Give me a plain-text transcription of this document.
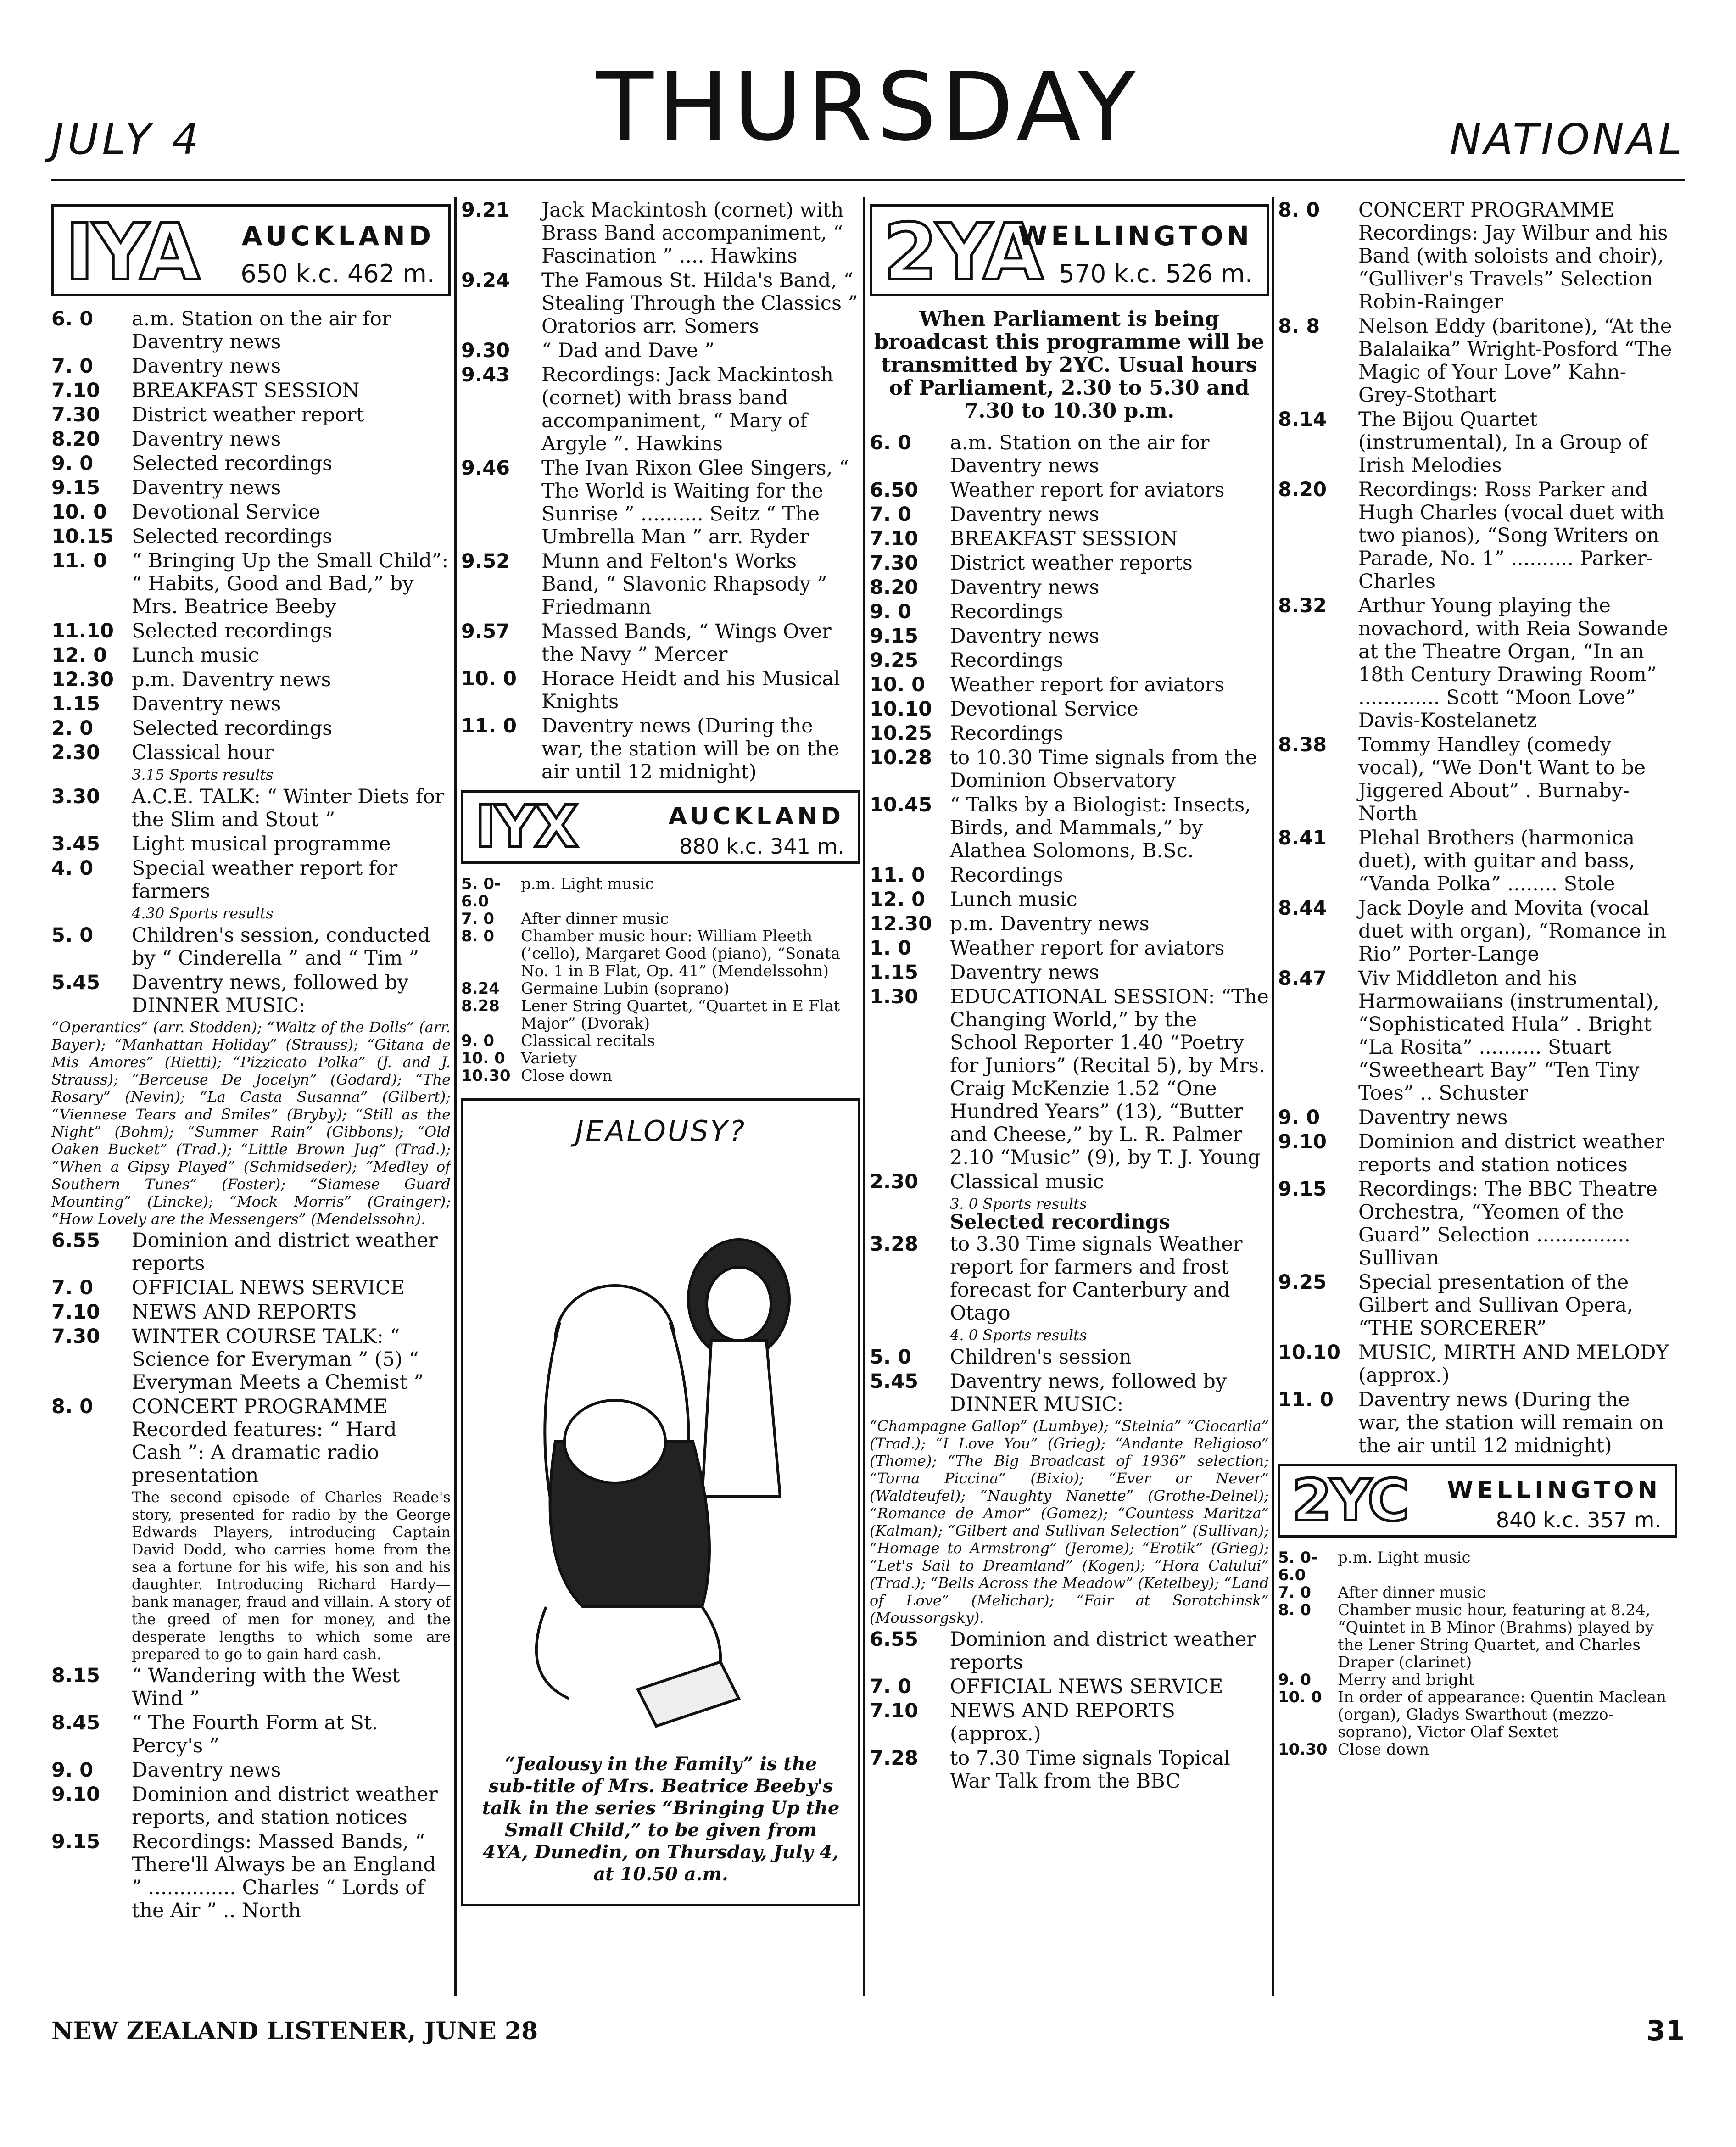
JULY 4	THURSDAY	NATIONAL
IYA AUCKLAND
650 k.c. 462 m.
6. 0	a.m. Station on the air for Daventry news
7. 0	Daventry news
7.10	BREAKFAST SESSION
7.30	District weather report
8.20	Daventry news
9. 0	Selected recordings
9.15	Daventry news
10. 0	Devotional Service
10.15 Selected recordings
11. 0	“ Bringing Up the Small Child”: “ Habits, Good and Bad,” by Mrs. Beatrice Beeby
11.10 Selected recordings
12. 0	Lunch music
12.30 p.m. Daventry news
1.15	Daventry news
2. 0	Selected recordings
2.30	Classical hour
3.15 Sports results
3.30	A.C.E. TALK: “ Winter Diets for the Slim and Stout ”
3.45	Light musical programme
4. 0	Special weather report for farmers
4.30 Sports results
5. 0	Children's session, conducted by “ Cinderella ” and “ Tim ”
5.45	Daventry news, followed by DINNER MUSIC:
“Operantics” (arr. Stodden); “Waltz of the Dolls” (arr. Bayer); “Manhattan Holiday” (Strauss); “Gitana de Mis Amores” (Rietti); “Pizzicato Polka” (J. and J. Strauss); “Berceuse De Jocelyn” (Godard); “The Rosary” (Nevin); “La Casta Susanna” (Gilbert); “Viennese Tears and Smiles” (Bryby); “Still as the Night” (Bohm); “Summer Rain” (Gibbons); “Old Oaken Bucket” (Trad.); “Little Brown Jug” (Trad.); “When a Gipsy Played” (Schmidseder); “Medley of Southern Tunes” (Foster); “Siamese Guard Mounting” (Lincke); “Mock Morris” (Grainger); “How Lovely are the Messengers” (Mendelssohn).
6.55	Dominion and district weather reports
7. 0	OFFICIAL NEWS SERVICE
7.10	NEWS AND REPORTS
7.30	WINTER COURSE TALK: “ Science for Everyman ” (5) “ Everyman Meets a Chemist ”
8. 0	CONCERT PROGRAMME Recorded features: “ Hard Cash ”: A dramatic radio presentation
The second episode of Charles Reade's story, presented for radio by the George Edwards Players, introducing Captain David Dodd, who carries home from the sea a fortune for his wife, his son and his daughter. Introducing Richard Hardy—bank manager, fraud and villain. A story of the greed of men for money, and the desperate lengths to which some are prepared to go to gain hard cash.
8.15	“ Wandering with the West Wind ”
8.45	“ The Fourth Form at St. Percy's ”
9. 0	Daventry news
9.10	Dominion and district weather reports, and station notices
9.15	Recordings: Massed Bands, “ There'll Always be an England ” .............. Charles “ Lords of the Air ” .. North
9.21	Jack Mackintosh (cornet) with Brass Band accompaniment, “ Fascination ” .... Hawkins
9.24	The Famous St. Hilda's Band, “ Stealing Through the Classics ” Oratorios arr. Somers
9.30	“ Dad and Dave ”
9.43	Recordings: Jack Mackintosh (cornet) with brass band accompaniment, “ Mary of Argyle ”. Hawkins
9.46	The Ivan Rixon Glee Singers, “ The World is Waiting for the Sunrise ” .......... Seitz “ The Umbrella Man ” arr. Ryder
9.52	Munn and Felton's Works Band, “ Slavonic Rhapsody ” Friedmann
9.57	Massed Bands, “ Wings Over the Navy ” Mercer
10. 0	Horace Heidt and his Musical Knights
11. 0	Daventry news (During the war, the station will be on the air until 12 midnight)
IYX	AUCKLAND
880 k.c. 341 m.
5. 0-6.0
p.m. Light music
7. 0	After dinner music
8. 0	Chamber music hour: William Pleeth (’cello), Margaret Good (piano), “Sonata No. 1 in B Flat, Op. 41” (Mendelssohn)
8.24	Germaine Lubin (soprano)
8.28	Lener String Quartet, “Quartet in E Flat Major” (Dvorak)
9. 0	Classical recitals
10. 0	Variety
10.30 Close down
JEALOUSY?
“Jealousy in the Family” is the sub-title of Mrs. Beatrice Beeby's talk in the series “Bringing Up the Small Child,” to be given from 4YA, Dunedin, on Thursday, July 4, at 10.50 a.m.
2YA
WELLINGTON
570 k.c. 526 m.
When Parliament is being broadcast this programme will be transmitted by 2YC. Usual hours of Parliament, 2.30 to 5.30 and 7.30 to 10.30 p.m.
6. 0	a.m. Station on the air for Daventry news
6.50	Weather report for aviators
7. 0	Daventry news
7.10	BREAKFAST SESSION
7.30	District weather reports
8.20	Daventry news
9. 0	Recordings
9.15	Daventry news
9.25	Recordings
10. 0	Weather report for aviators
10.10 Devotional Service
10.25 Recordings
10.28 to 10.30 Time signals from the Dominion Observatory
10.45 “ Talks by a Biologist: Insects, Birds, and Mammals,” by Alathea Solomons, B.Sc.
11. 0	Recordings
12. 0	Lunch music
12.30 p.m. Daventry news
1. 0	Weather report for aviators
1.15	Daventry news
1.30	EDUCATIONAL SESSION: “The Changing World,” by the School Reporter 1.40 “Poetry for Juniors” (Recital 5), by Mrs. Craig McKenzie 1.52 “One Hundred Years” (13), “Butter and Cheese,” by L. R. Palmer 2.10 “Music” (9), by T. J. Young
2.30	Classical music
3. 0 Sports results
Selected recordings
3.28	to 3.30 Time signals Weather report for farmers and frost forecast for Canterbury and Otago
4. 0 Sports results
5. 0	Children's session
5.45	Daventry news, followed by DINNER MUSIC:
“Champagne Gallop” (Lumbye); “Stelnia” “Ciocarlia” (Trad.); “I Love You” (Grieg); “Andante Religioso” (Thome); “The Big Broadcast of 1936” selection; “Torna Piccina” (Bixio); “Ever or Never” (Waldteufel); “Naughty Nanette” (Grothe-Delnel); “Romance de Amor” (Gomez); “Countess Maritza” (Kalman); “Gilbert and Sullivan Selection” (Sullivan); “Homage to Armstrong” (Jerome); “Erotik” (Grieg); “Let's Sail to Dreamland” (Kogen); “Hora Calului” (Trad.); “Bells Across the Meadow” (Ketelbey); “Land of Love” (Melichar); “Fair at Sorotchinsk” (Moussorgsky).
6.55	Dominion and district weather reports
7. 0	OFFICIAL NEWS SERVICE
7.10	NEWS AND REPORTS (approx.)
7.28	to 7.30 Time signals Topical War Talk from the BBC
8. 0	CONCERT PROGRAMME Recordings: Jay Wilbur and his Band (with soloists and choir), “Gulliver's Travels” Selection Robin-Rainger
8. 8	Nelson Eddy (baritone), “At the Balalaika” Wright-Posford “The Magic of Your Love” Kahn-Grey-Stothart
8.14	The Bijou Quartet (instrumental), In a Group of Irish Melodies
8.20	Recordings: Ross Parker and Hugh Charles (vocal duet with two pianos), “Song Writers on Parade, No. 1” .......... Parker-Charles
8.32	Arthur Young playing the novachord, with Reia Sowande at the Theatre Organ, “In an 18th Century Drawing Room” ............. Scott “Moon Love” Davis-Kostelanetz
8.38	Tommy Handley (comedy vocal), “We Don't Want to be Jiggered About” . Burnaby-North
8.41	Plehal Brothers (harmonica duet), with guitar and bass, “Vanda Polka” ........ Stole
8.44	Jack Doyle and Movita (vocal duet with organ), “Romance in Rio” Porter-Lange
8.47	Viv Middleton and his Harmowaiians (instrumental), “Sophisticated Hula” . Bright “La Rosita” .......... Stuart “Sweetheart Bay” “Ten Tiny Toes” .. Schuster
9. 0	Daventry news
9.10	Dominion and district weather reports and station notices
9.15	Recordings: The BBC Theatre Orchestra, “Yeomen of the Guard” Selection ............... Sullivan
9.25	Special presentation of the Gilbert and Sullivan Opera, “THE SORCERER”
10.10 MUSIC, MIRTH AND MELODY (approx.)
11. 0	Daventry news (During the war, the station will remain on the air until 12 midnight)
2YC WELLINGTON
840 k.c. 357 m.
5. 0-6.0
p.m. Light music
7. 0	After dinner music
8. 0	Chamber music hour, featuring at 8.24, “Quintet in B Minor (Brahms) played by the Lener String Quartet, and Charles Draper (clarinet)
9. 0	Merry and bright
10. 0	In order of appearance: Quentin Maclean (organ), Gladys Swarthout (mezzo-soprano), Victor Olaf Sextet
10.30 Close down
NEW ZEALAND LISTENER, JUNE 28	31
